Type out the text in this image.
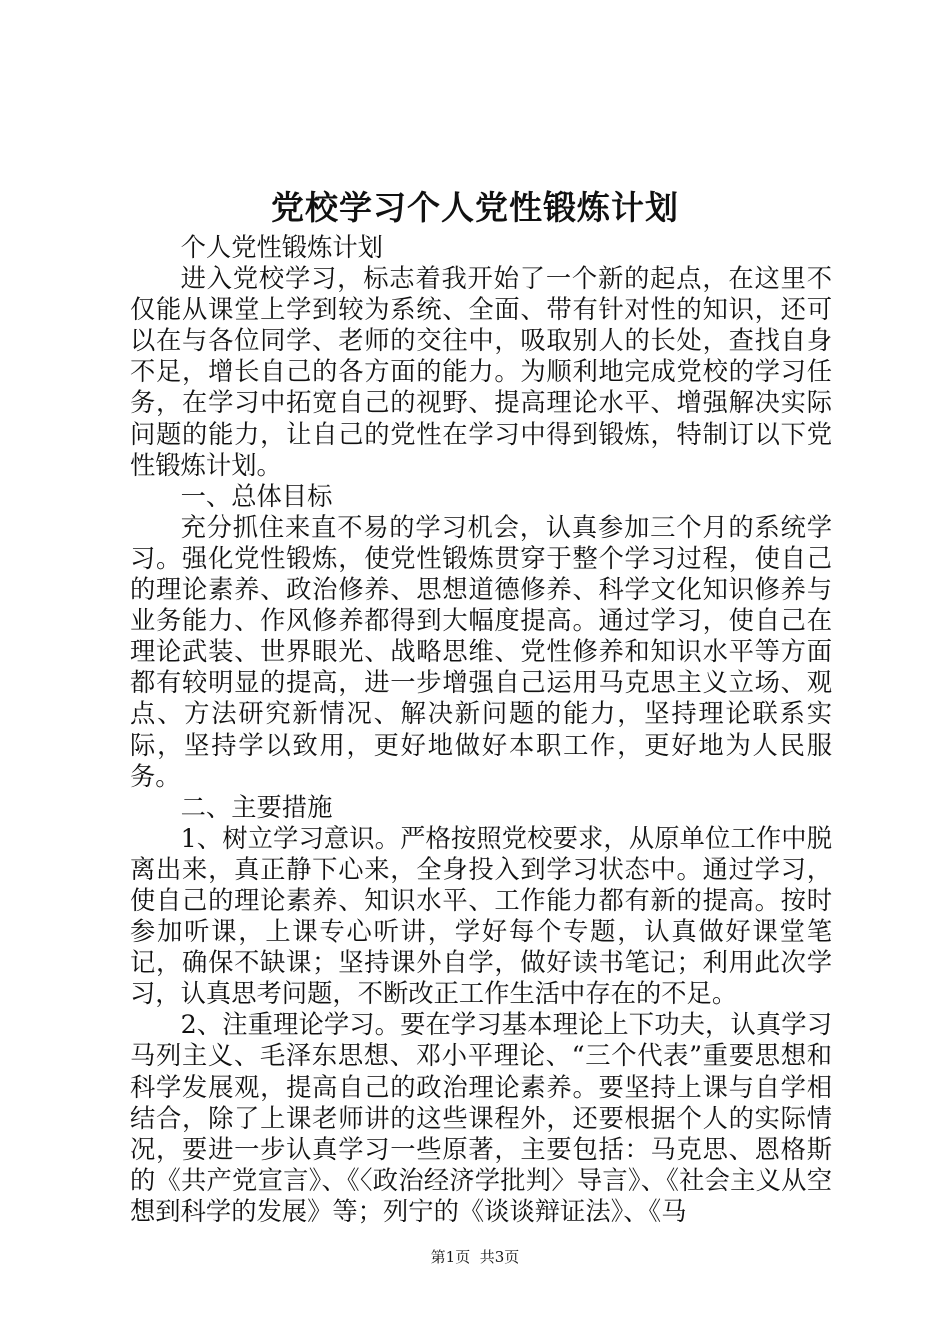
党校学习个人党性锻炼计划

个人党性锻炼计划

进入党校学习，标志着我开始了一个新的起点，在这里不仅能从课堂上学到较为系统、全面、带有针对性的知识，还可以在与各位同学、老师的交往中，吸取别人的长处，查找自身不足，增长自己的各方面的能力。为顺利地完成党校的学习任务，在学习中拓宽自己的视野、提高理论水平、增强解决实际问题的能力，让自己的党性在学习中得到锻炼，特制订以下党性锻炼计划。

一、总体目标

充分抓住来直不易的学习机会，认真参加三个月的系统学习。强化党性锻炼，使党性锻炼贯穿于整个学习过程，使自己的理论素养、政治修养、思想道德修养、科学文化知识修养与业务能力、作风修养都得到大幅度提高。通过学习，使自己在理论武装、世界眼光、战略思维、党性修养和知识水平等方面都有较明显的提高，进一步增强自己运用马克思主义立场、观点、方法研究新情况、解决新问题的能力，坚持理论联系实际，坚持学以致用，更好地做好本职工作，更好地为人民服务。

二、主要措施

1、树立学习意识。严格按照党校要求，从原单位工作中脱离出来，真正静下心来，全身投入到学习状态中。通过学习，使自己的理论素养、知识水平、工作能力都有新的提高。按时参加听课，上课专心听讲，学好每个专题，认真做好课堂笔记，确保不缺课；坚持课外自学，做好读书笔记；利用此次学习，认真思考问题，不断改正工作生活中存在的不足。

2、注重理论学习。要在学习基本理论上下功夫，认真学习马列主义、毛泽东思想、邓小平理论、“三个代表”重要思想和科学发展观，提高自己的政治理论素养。要坚持上课与自学相结合，除了上课老师讲的这些课程外，还要根据个人的实际情况，要进一步认真学习一些原著，主要包括：马克思、恩格斯的《共产党宣言》、《〈政治经济学批判〉导言》、《社会主义从空想到科学的发展》等；列宁的《谈谈辩证法》、《马

第1页 共3页
